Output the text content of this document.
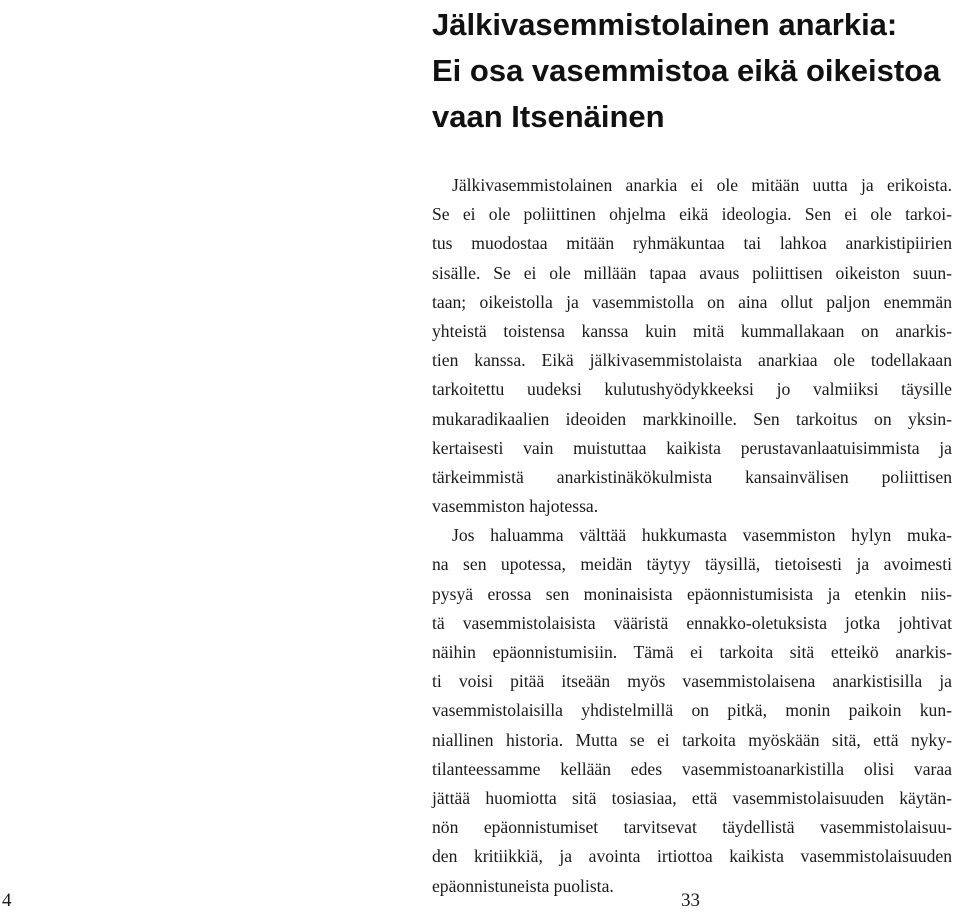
Jälkivasemmistolainen anarkia:
Ei osa vasemmistoa eikä oikeistoa
vaan Itsenäinen
Jälkivasemmistolainen anarkia ei ole mitään uutta ja erikoista.
Se ei ole poliittinen ohjelma eikä ideologia. Sen ei ole tarkoi-
tus muodostaa mitään ryhmäkuntaa tai lahkoa anarkistipiirien
sisälle. Se ei ole millään tapaa avaus poliittisen oikeiston suun-
taan; oikeistolla ja vasemmistolla on aina ollut paljon enemmän
yhteistä toistensa kanssa kuin mitä kummallakaan on anarkis-
tien kanssa. Eikä jälkivasemmistolaista anarkiaa ole todellakaan
tarkoitettu uudeksi kulutushyödykkeeksi jo valmiiksi täysille
mukaradikaalien ideoiden markkinoille. Sen tarkoitus on yksin-
kertaisesti vain muistuttaa kaikista perustavanlaatuisimmista ja
tärkeimmistä anarkistinäkökulmista kansainvälisen poliittisen
vasemmiston hajotessa.
Jos haluamma välttää hukkumasta vasemmiston hylyn muka-
na sen upotessa, meidän täytyy täysillä, tietoisesti ja avoimesti
pysyä erossa sen moninaisista epäonnistumisista ja etenkin niis-
tä vasemmistolaisista vääristä ennakko-oletuksista jotka johtivat
näihin epäonnistumisiin. Tämä ei tarkoita sitä etteikö anarkis-
ti voisi pitää itseään myös vasemmistolaisena anarkistisilla ja
vasemmistolaisilla yhdistelmillä on pitkä, monin paikoin kun-
niallinen historia. Mutta se ei tarkoita myöskään sitä, että nyky-
tilanteessamme kellään edes vasemmistoanarkistilla olisi varaa
jättää huomiotta sitä tosiasiaa, että vasemmistolaisuuden käytän-
nön epäonnistumiset tarvitsevat täydellistä vasemmistolaisuu-
den kritiikkiä, ja avointa irtiottoa kaikista vasemmistolaisuuden
epäonnistuneista puolista.
4	33
